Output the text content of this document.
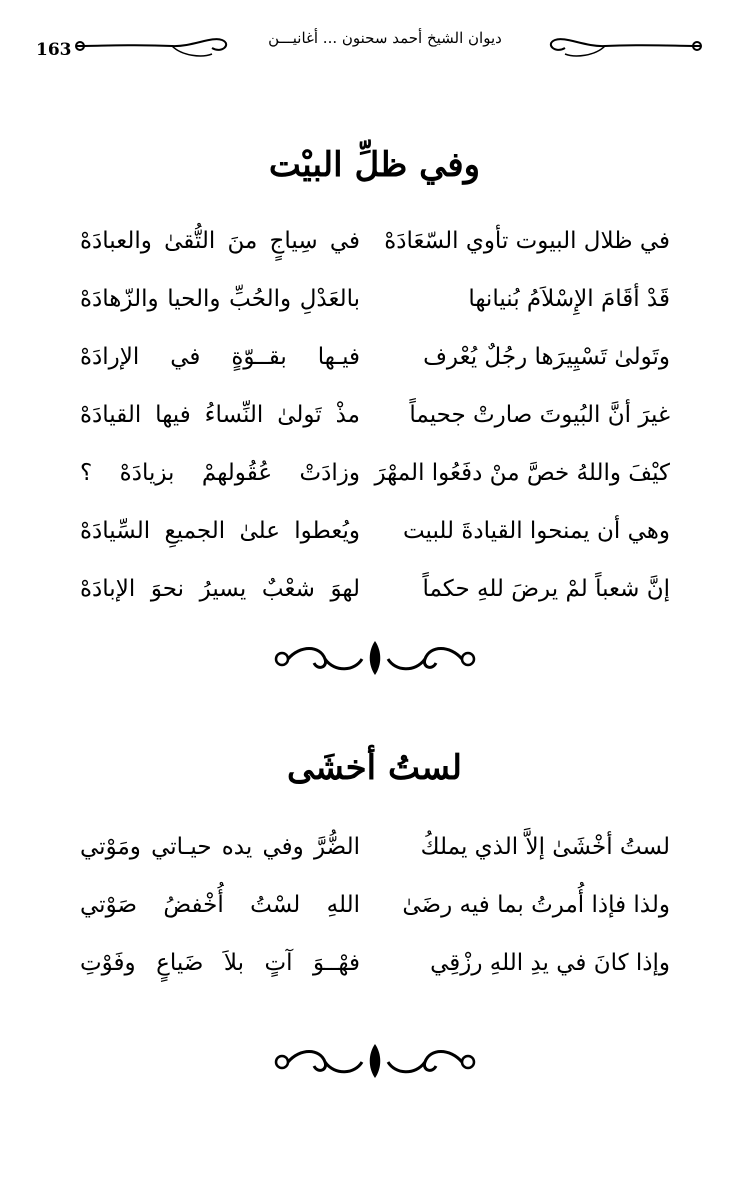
163
ديوان الشيخ أحمد سحنون ... أغانيـــن
وفي ظلِّ البيْت
في ظلال البيوت تأوي السّعَادَهْ
في سِياجٍ منَ التُّقىٰ والعبادَهْ
قَدْ أقَامَ الإِسْلاَمُ بُنيانها
بالعَدْلِ والحُبِّ والحيا والزّهادَهْ
وتَولىٰ تَسْيِيرَها رجُلٌ يُعْرف
فيـها بقــوّةٍ في الإرادَهْ
غيرَ أنَّ البُيوتَ صارتْ جحيماً
مذْ تَولىٰ النِّساءُ فيها القيادَهْ
كيْفَ واللهُ خصَّ منْ دفَعُوا المهْرَ
وزادَتْ عُقُولهمْ بزيادَهْ ؟
وهي أن يمنحوا القيادةَ للبيت
ويُعطوا علىٰ الجميعِ السِّيادَهْ
إنَّ شعباً لمْ يرضَ للهِ حكماً
لهوَ شعْبٌ يسيرُ نحوَ الإبادَهْ
لستُ أخشَى
لستُ أخْشَىٰ إلاَّ الذي يملكُ
الضُّرَّ وفي يده حيـاتي ومَوْتي
ولذا فإذا أُمرتُ بما فيه رضَىٰ
اللهِ لسْتُ أُخْفضُ صَوْتي
وإذا كانَ في يدِ اللهِ رزْقِي
فهْــوَ آتٍ بلاَ ضَياعٍ وفَوْتِ
